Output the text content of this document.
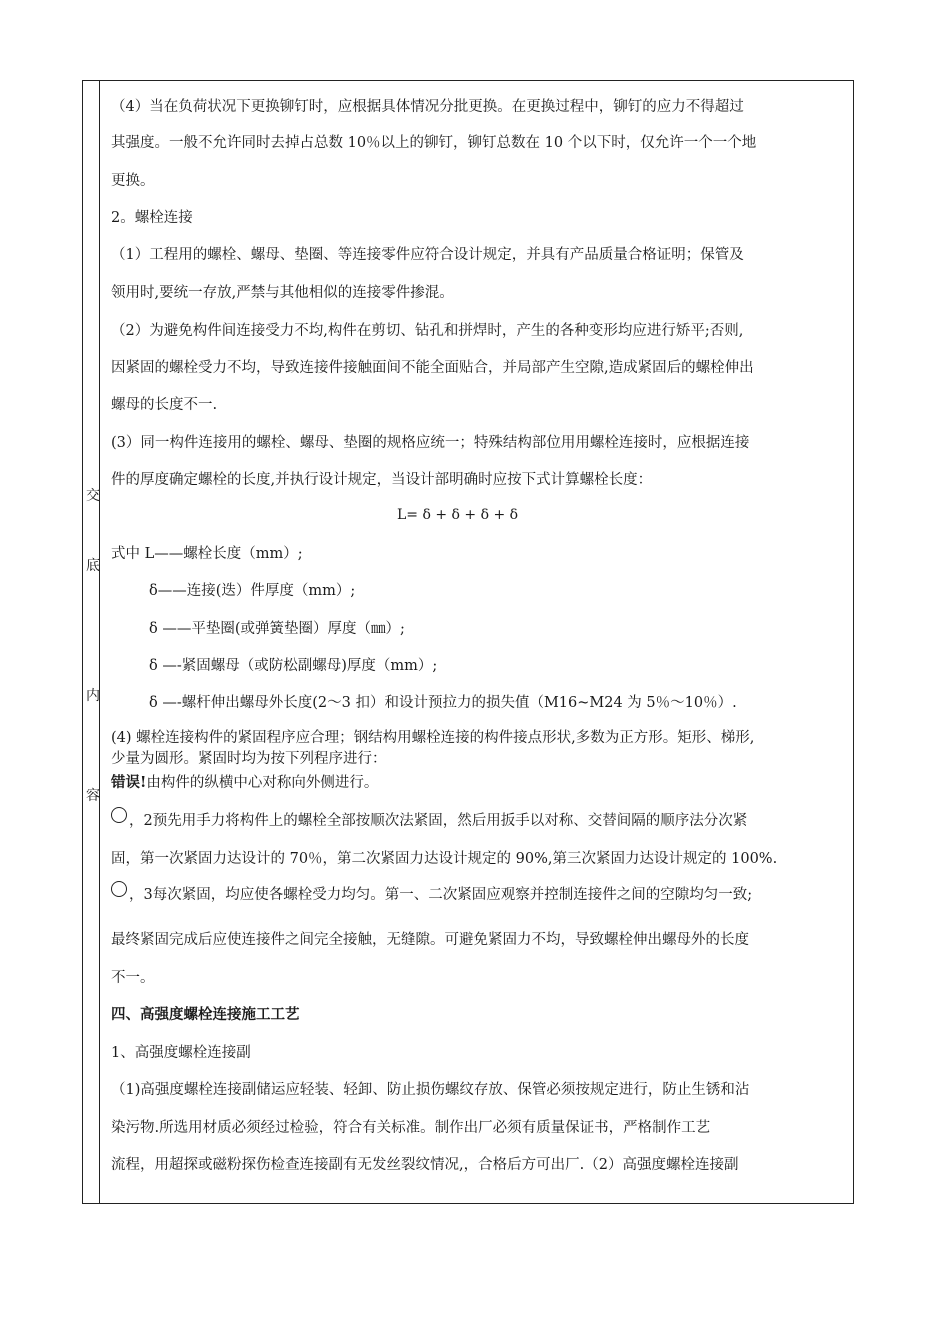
交
底
内
容
（4）当在负荷状况下更换铆钉时，应根据具体情况分批更换。在更换过程中，铆钉的应力不得超过
其强度。一般不允许同时去掉占总数 10％以上的铆钉，铆钉总数在 10 个以下时，仅允许一个一个地
更换。
2。螺栓连接
（1）工程用的螺栓、螺母、垫圈、等连接零件应符合设计规定，并具有产品质量合格证明；保管及
领用时,要统一存放,严禁与其他相似的连接零件掺混。
（2）为避免构件间连接受力不均,构件在剪切、钻孔和拼焊时，产生的各种变形均应进行矫平;否则,
因紧固的螺栓受力不均，导致连接件接触面间不能全面贴合，并局部产生空隙,造成紧固后的螺栓伸出
螺母的长度不一.
(3）同一构件连接用的螺栓、螺母、垫圈的规格应统一；特殊结构部位用用螺栓连接时，应根据连接
件的厚度确定螺栓的长度,并执行设计规定，当设计部明确时应按下式计算螺栓长度：
L= δ + δ + δ + δ
式中 L——螺栓长度（mm）;
δ——连接(迭）件厚度（mm）;
δ ——平垫圈(或弹簧垫圈）厚度（㎜）;
δ —-紧固螺母（或防松副螺母)厚度（mm）;
δ —-螺杆伸出螺母外长度(2～3 扣）和设计预拉力的损失值（M16~M24 为 5％～10％）.
(4) 螺栓连接构件的紧固程序应合理；钢结构用螺栓连接的构件接点形状,多数为正方形。矩形、梯形,
少量为圆形。紧固时均为按下列程序进行：
错误!由构件的纵横中心对称向外侧进行。
，2预先用手力将构件上的螺栓全部按顺次法紧固，然后用扳手以对称、交替间隔的顺序法分次紧
固，第一次紧固力达设计的 70％，第二次紧固力达设计规定的 90%,第三次紧固力达设计规定的 100%.
，3每次紧固，均应使各螺栓受力均匀。第一、二次紧固应观察并控制连接件之间的空隙均匀一致;
最终紧固完成后应使连接件之间完全接触，无缝隙。可避免紧固力不均，导致螺栓伸出螺母外的长度
不一。
四、高强度螺栓连接施工工艺
1、高强度螺栓连接副
（1)高强度螺栓连接副储运应轻装、轻卸、防止损伤螺纹存放、保管必须按规定进行，防止生锈和沾
染污物.所选用材质必须经过检验，符合有关标准。制作出厂必须有质量保证书，严格制作工艺
流程，用超探或磁粉探伤检查连接副有无发丝裂纹情况,，合格后方可出厂.（2）高强度螺栓连接副
